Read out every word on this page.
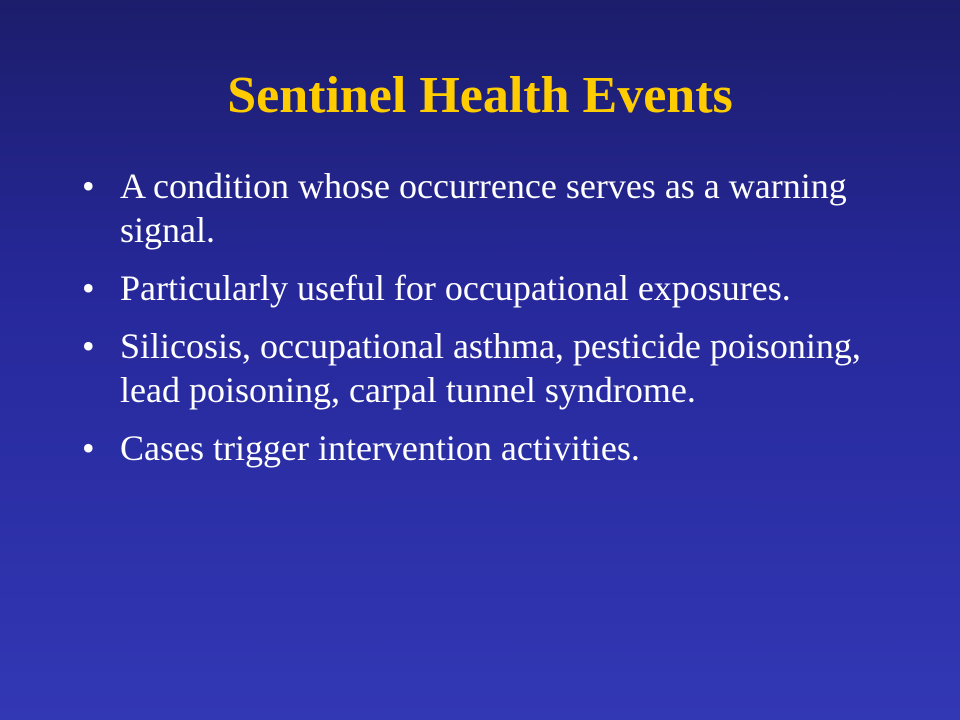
Sentinel Health Events
• A condition whose occurrence serves as a warning signal.
• Particularly useful for occupational exposures.
• Silicosis, occupational asthma, pesticide poisoning, lead poisoning, carpal tunnel syndrome.
• Cases trigger intervention activities.
